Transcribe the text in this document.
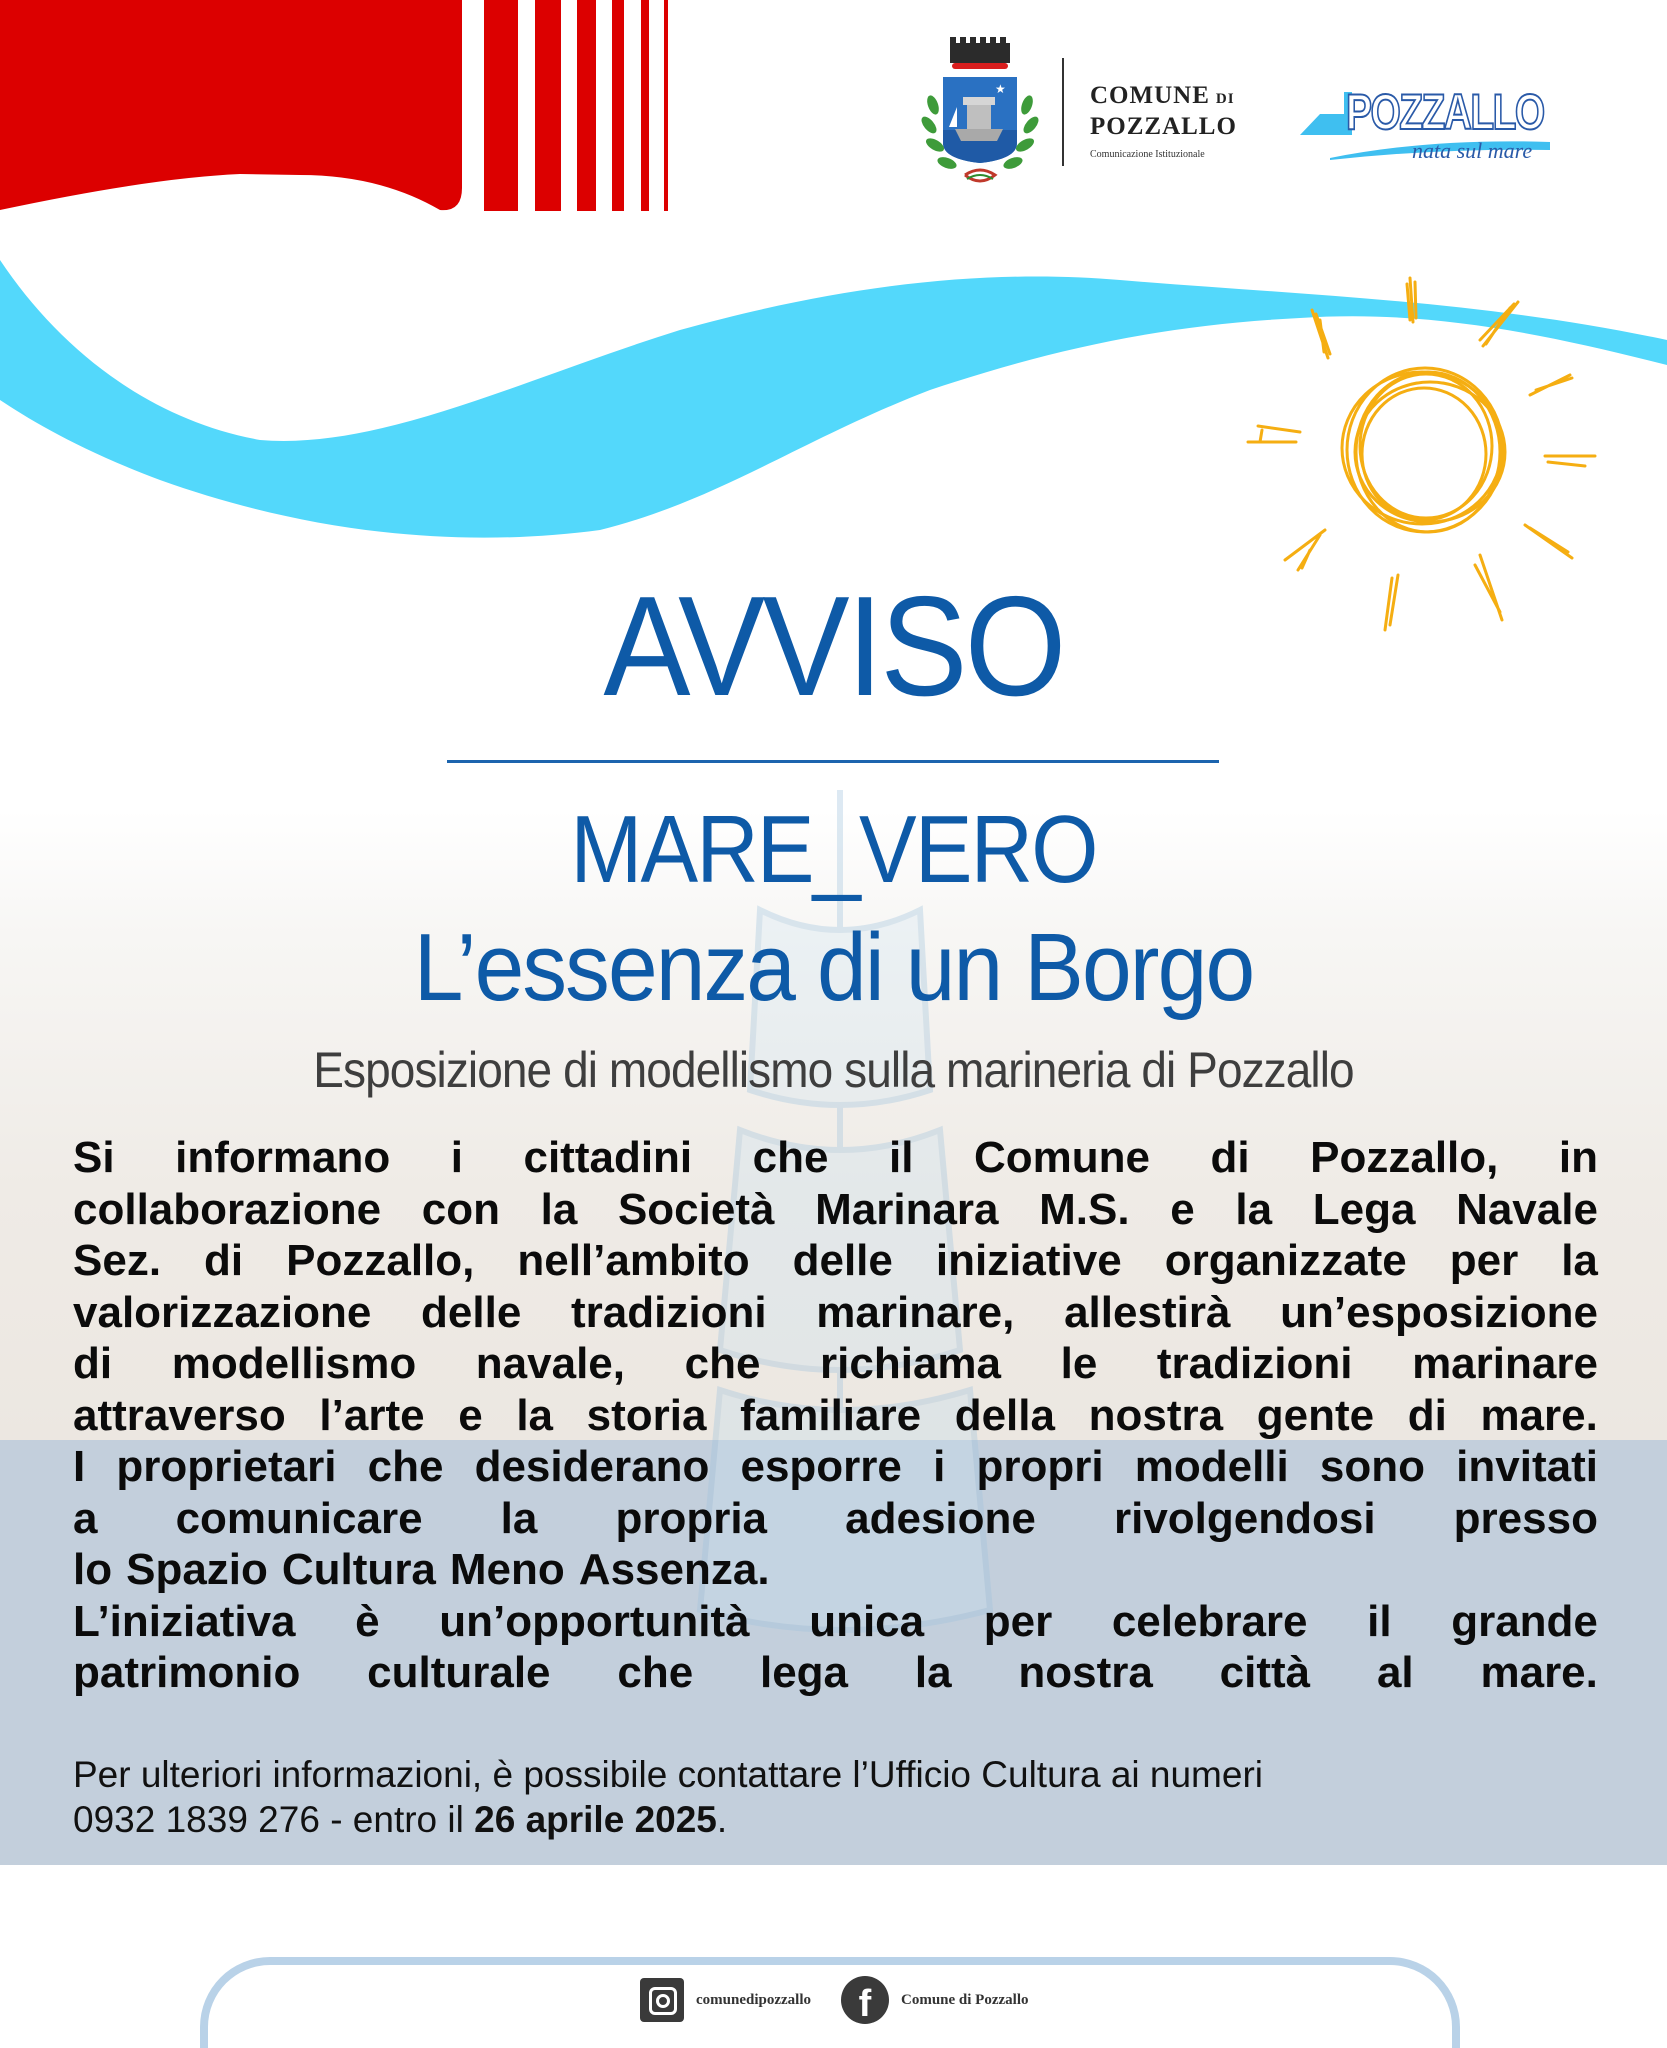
★	COMUNE DI
POZZALLO
Comunicazione Istituzionale
POZZALLO
nata sul mare
AVVISO
MARE_VERO
L’essenza di un Borgo
Esposizione di modellismo sulla marineria di Pozzallo
Si informano i cittadini che il Comune di Pozzallo, in
collaborazione con la Società Marinara M.S. e la Lega Navale
Sez. di Pozzallo, nell’ambito delle iniziative organizzate per la
valorizzazione delle tradizioni marinare, allestirà un’esposizione
di modellismo navale, che richiama le tradizioni marinare
attraverso l’arte e la storia familiare della nostra gente di mare.
I proprietari che desiderano esporre i propri modelli sono invitati
a comunicare la propria adesione rivolgendosi presso
lo Spazio Cultura Meno Assenza.
L’iniziativa è un’opportunità unica per celebrare il grande
patrimonio culturale che lega la nostra città al mare.
Per ulteriori informazioni, è possibile contattare l’Ufficio Cultura ai numeri
0932 1839 276 - entro il 26 aprile 2025.
comunedipozzallo	f	Comune di Pozzallo
